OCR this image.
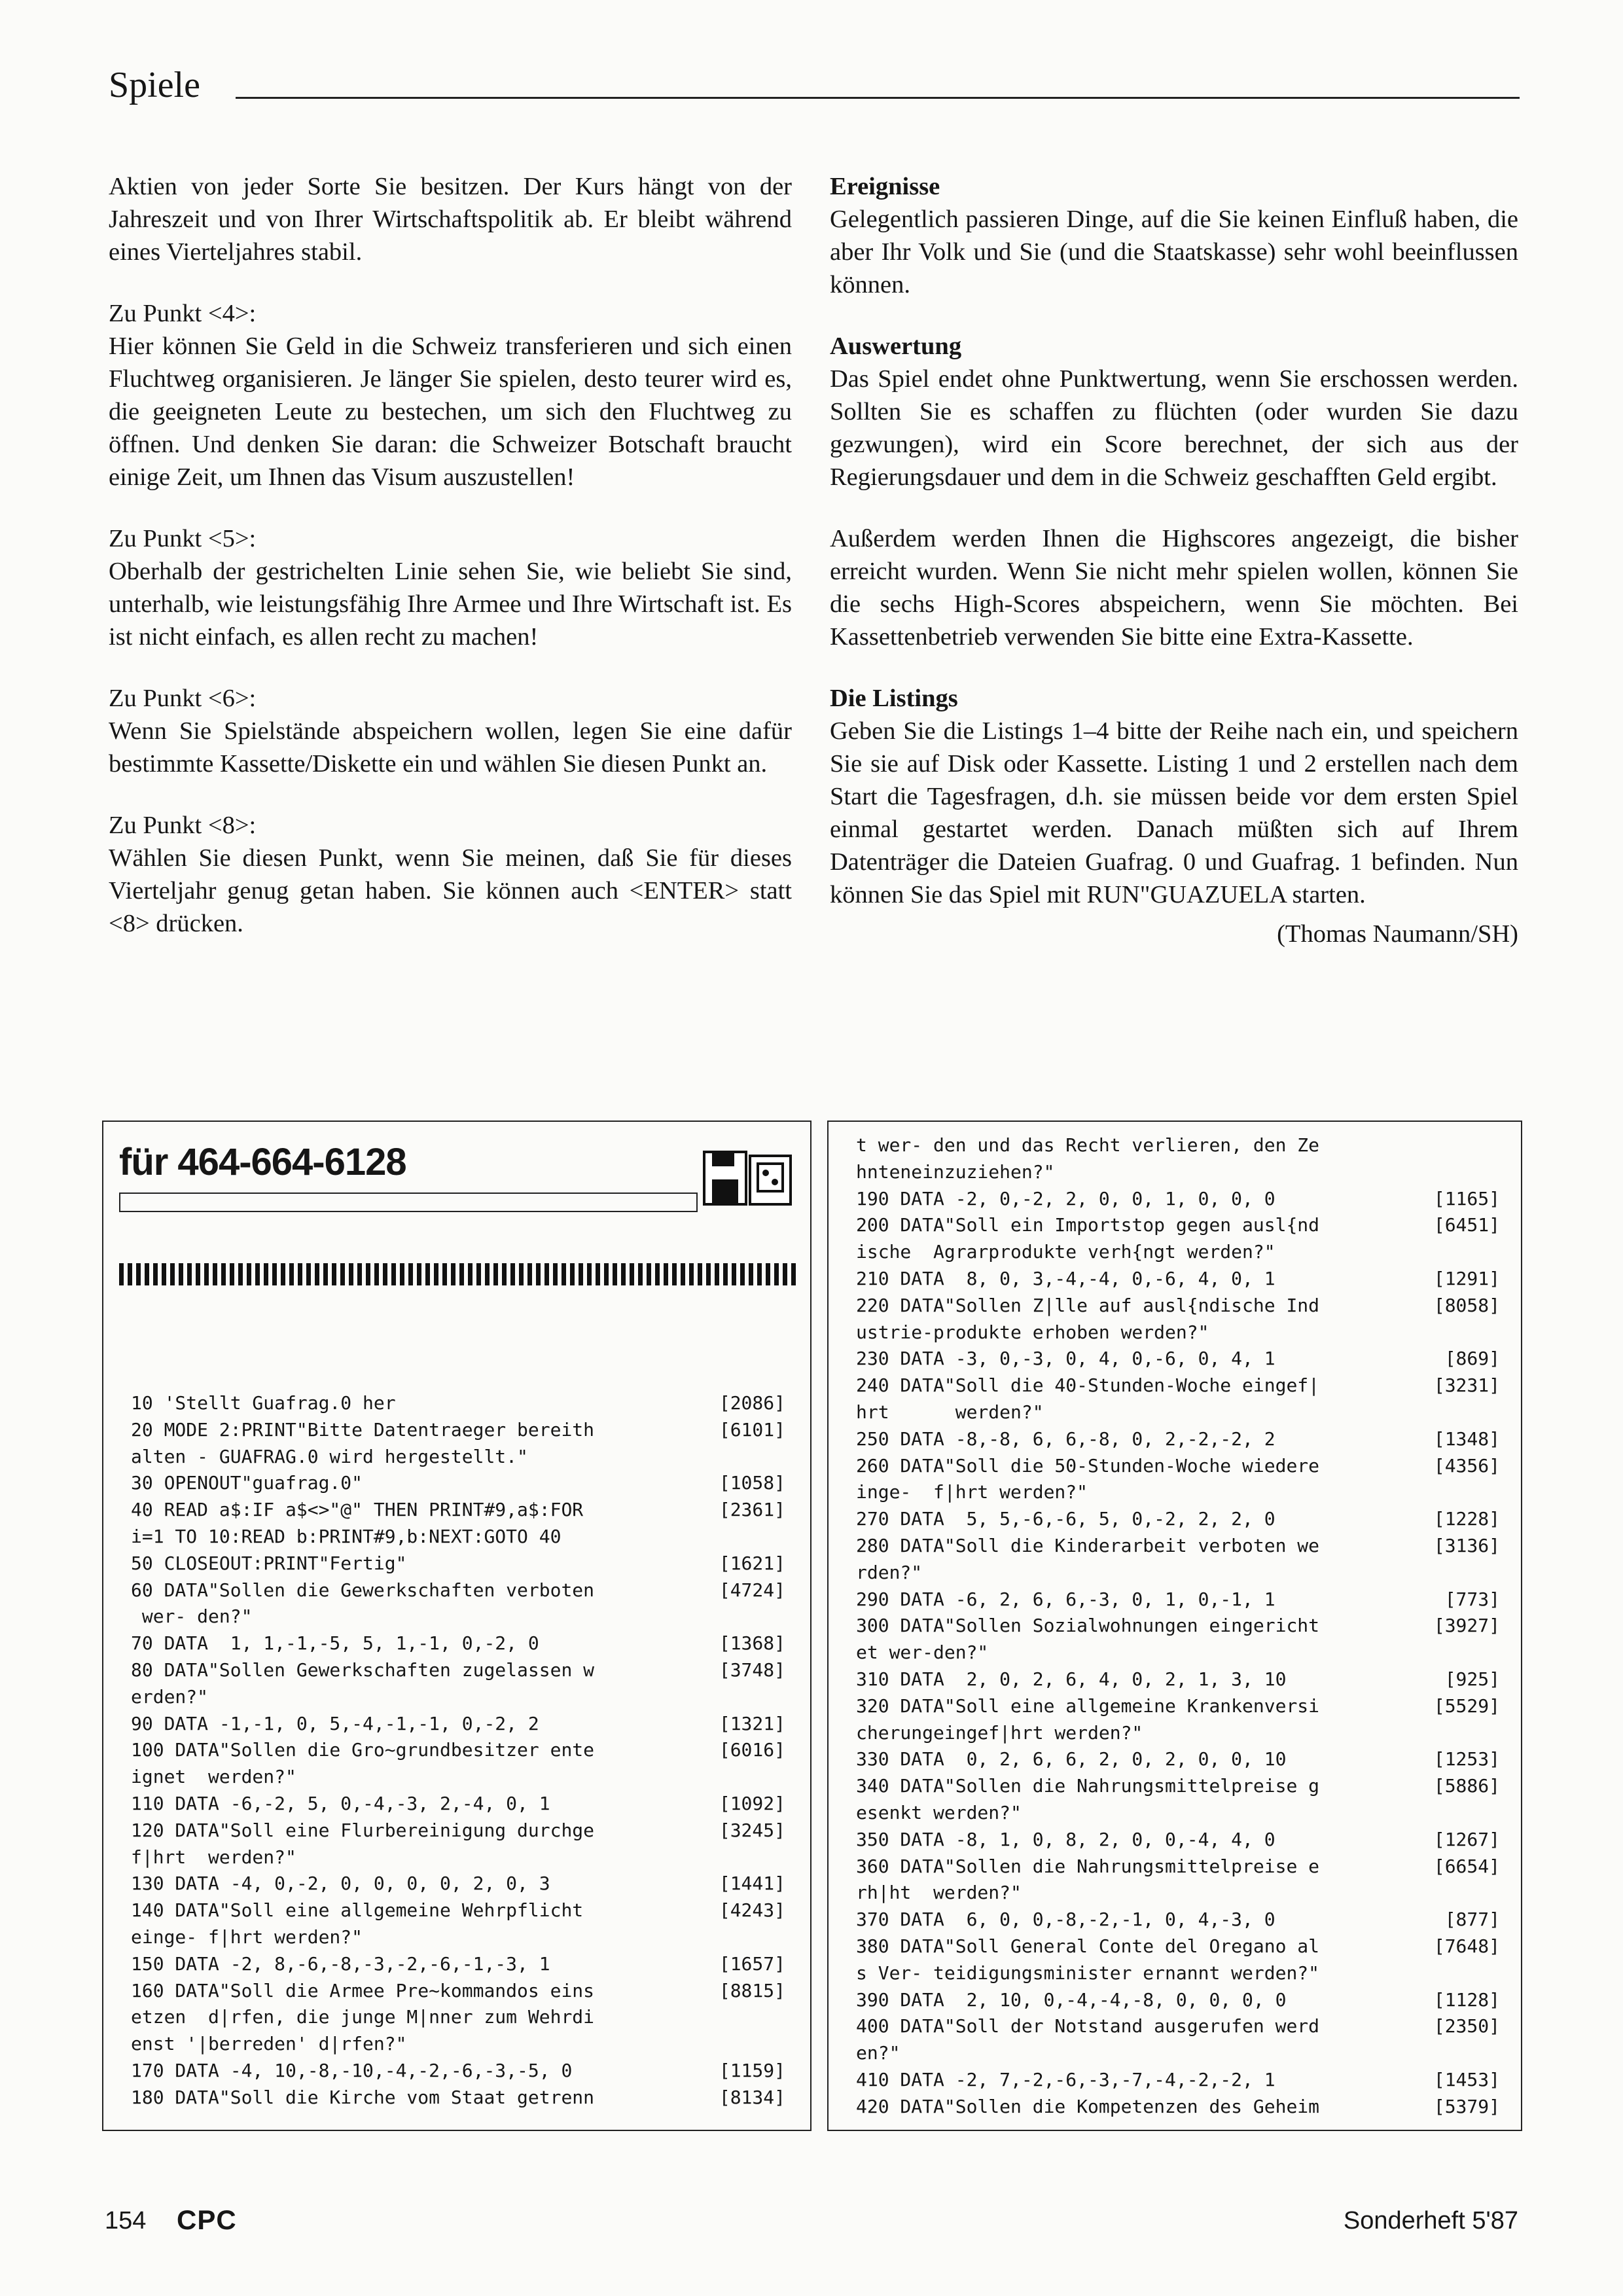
Spiele

Aktien von jeder Sorte Sie besitzen. Der Kurs hängt von der Jahreszeit und von Ihrer Wirtschaftspolitik ab. Er bleibt während eines Vierteljahres stabil.

Zu Punkt <4>:

Hier können Sie Geld in die Schweiz transferieren und sich einen Fluchtweg organisieren. Je länger Sie spielen, desto teurer wird es, die geeigneten Leute zu bestechen, um sich den Fluchtweg zu öffnen. Und denken Sie daran: die Schweizer Botschaft braucht einige Zeit, um Ihnen das Visum auszustellen!

Zu Punkt <5>:

Oberhalb der gestrichelten Linie sehen Sie, wie beliebt Sie sind, unterhalb, wie leistungsfähig Ihre Armee und Ihre Wirtschaft ist. Es ist nicht einfach, es allen recht zu machen!

Zu Punkt <6>:

Wenn Sie Spielstände abspeichern wollen, legen Sie eine dafür bestimmte Kassette/Diskette ein und wählen Sie diesen Punkt an.

Zu Punkt <8>:

Wählen Sie diesen Punkt, wenn Sie meinen, daß Sie für dieses Vierteljahr genug getan haben. Sie können auch <ENTER> statt <8> drücken.

Ereignisse

Gelegentlich passieren Dinge, auf die Sie keinen Einfluß haben, die aber Ihr Volk und Sie (und die Staatskasse) sehr wohl beeinflussen können.

Auswertung

Das Spiel endet ohne Punktwertung, wenn Sie erschossen werden. Sollten Sie es schaffen zu flüchten (oder wurden Sie dazu gezwungen), wird ein Score berechnet, der sich aus der Regierungsdauer und dem in die Schweiz geschafften Geld ergibt.

Außerdem werden Ihnen die Highscores angezeigt, die bisher erreicht wurden. Wenn Sie nicht mehr spielen wollen, können Sie die sechs High-Scores abspeichern, wenn Sie möchten. Bei Kassettenbetrieb verwenden Sie bitte eine Extra-Kassette.

Die Listings

Geben Sie die Listings 1–4 bitte der Reihe nach ein, und speichern Sie sie auf Disk oder Kassette. Listing 1 und 2 erstellen nach dem Start die Tagesfragen, d.h. sie müssen beide vor dem ersten Spiel einmal gestartet werden. Danach müßten sich auf Ihrem Datenträger die Dateien Guafrag. 0 und Guafrag. 1 befinden. Nun können Sie das Spiel mit RUN"GUAZUELA starten.

(Thomas Naumann/SH)

für 464-664-6128
10 'Stellt Guafrag.0 her	[2086]
20 MODE 2:PRINT"Bitte Datentraeger bereith	[6101]
alten - GUAFRAG.0 wird hergestellt."
30 OPENOUT"guafrag.0"	[1058]
40 READ a$:IF a$<>"@" THEN PRINT#9,a$:FOR	[2361]
i=1 TO 10:READ b:PRINT#9,b:NEXT:GOTO 40
50 CLOSEOUT:PRINT"Fertig"	[1621]
60 DATA"Sollen die Gewerkschaften verboten	[4724]
wer- den?"
70 DATA  1, 1,-1,-5, 5, 1,-1, 0,-2, 0	[1368]
80 DATA"Sollen Gewerkschaften zugelassen w	[3748]
erden?"
90 DATA -1,-1, 0, 5,-4,-1,-1, 0,-2, 2	[1321]
100 DATA"Sollen die Gro~grundbesitzer ente	[6016]
ignet  werden?"
110 DATA -6,-2, 5, 0,-4,-3, 2,-4, 0, 1	[1092]
120 DATA"Soll eine Flurbereinigung durchge	[3245]
f|hrt  werden?"
130 DATA -4, 0,-2, 0, 0, 0, 0, 2, 0, 3	[1441]
140 DATA"Soll eine allgemeine Wehrpflicht	[4243]
einge- f|hrt werden?"
150 DATA -2, 8,-6,-8,-3,-2,-6,-1,-3, 1	[1657]
160 DATA"Soll die Armee Pre~kommandos eins	[8815]
etzen  d|rfen, die junge M|nner zum Wehrdi
enst '|berreden' d|rfen?"
170 DATA -4, 10,-8,-10,-4,-2,-6,-3,-5, 0	[1159]
180 DATA"Soll die Kirche vom Staat getrenn	[8134]
t wer- den und das Recht verlieren, den Ze
hnteneinzuziehen?"
190 DATA -2, 0,-2, 2, 0, 0, 1, 0, 0, 0	[1165]
200 DATA"Soll ein Importstop gegen ausl{nd	[6451]
ische  Agrarprodukte verh{ngt werden?"
210 DATA  8, 0, 3,-4,-4, 0,-6, 4, 0, 1	[1291]
220 DATA"Sollen Z|lle auf ausl{ndische Ind	[8058]
ustrie-produkte erhoben werden?"
230 DATA -3, 0,-3, 0, 4, 0,-6, 0, 4, 1	[869]
240 DATA"Soll die 40-Stunden-Woche eingef|	[3231]
hrt      werden?"
250 DATA -8,-8, 6, 6,-8, 0, 2,-2,-2, 2	[1348]
260 DATA"Soll die 50-Stunden-Woche wiedere	[4356]
inge-  f|hrt werden?"
270 DATA  5, 5,-6,-6, 5, 0,-2, 2, 2, 0	[1228]
280 DATA"Soll die Kinderarbeit verboten we	[3136]
rden?"
290 DATA -6, 2, 6, 6,-3, 0, 1, 0,-1, 1	[773]
300 DATA"Sollen Sozialwohnungen eingericht	[3927]
et wer-den?"
310 DATA  2, 0, 2, 6, 4, 0, 2, 1, 3, 10	[925]
320 DATA"Soll eine allgemeine Krankenversi	[5529]
cherungeingef|hrt werden?"
330 DATA  0, 2, 6, 6, 2, 0, 2, 0, 0, 10	[1253]
340 DATA"Sollen die Nahrungsmittelpreise g	[5886]
esenkt werden?"
350 DATA -8, 1, 0, 8, 2, 0, 0,-4, 4, 0	[1267]
360 DATA"Sollen die Nahrungsmittelpreise e	[6654]
rh|ht  werden?"
370 DATA  6, 0, 0,-8,-2,-1, 0, 4,-3, 0	[877]
380 DATA"Soll General Conte del Oregano al	[7648]
s Ver- teidigungsminister ernannt werden?"
390 DATA  2, 10, 0,-4,-4,-8, 0, 0, 0, 0	[1128]
400 DATA"Soll der Notstand ausgerufen werd	[2350]
en?"
410 DATA -2, 7,-2,-6,-3,-7,-4,-2,-2, 1	[1453]
420 DATA"Sollen die Kompetenzen des Geheim	[5379]
154 CPC	Sonderheft 5'87
